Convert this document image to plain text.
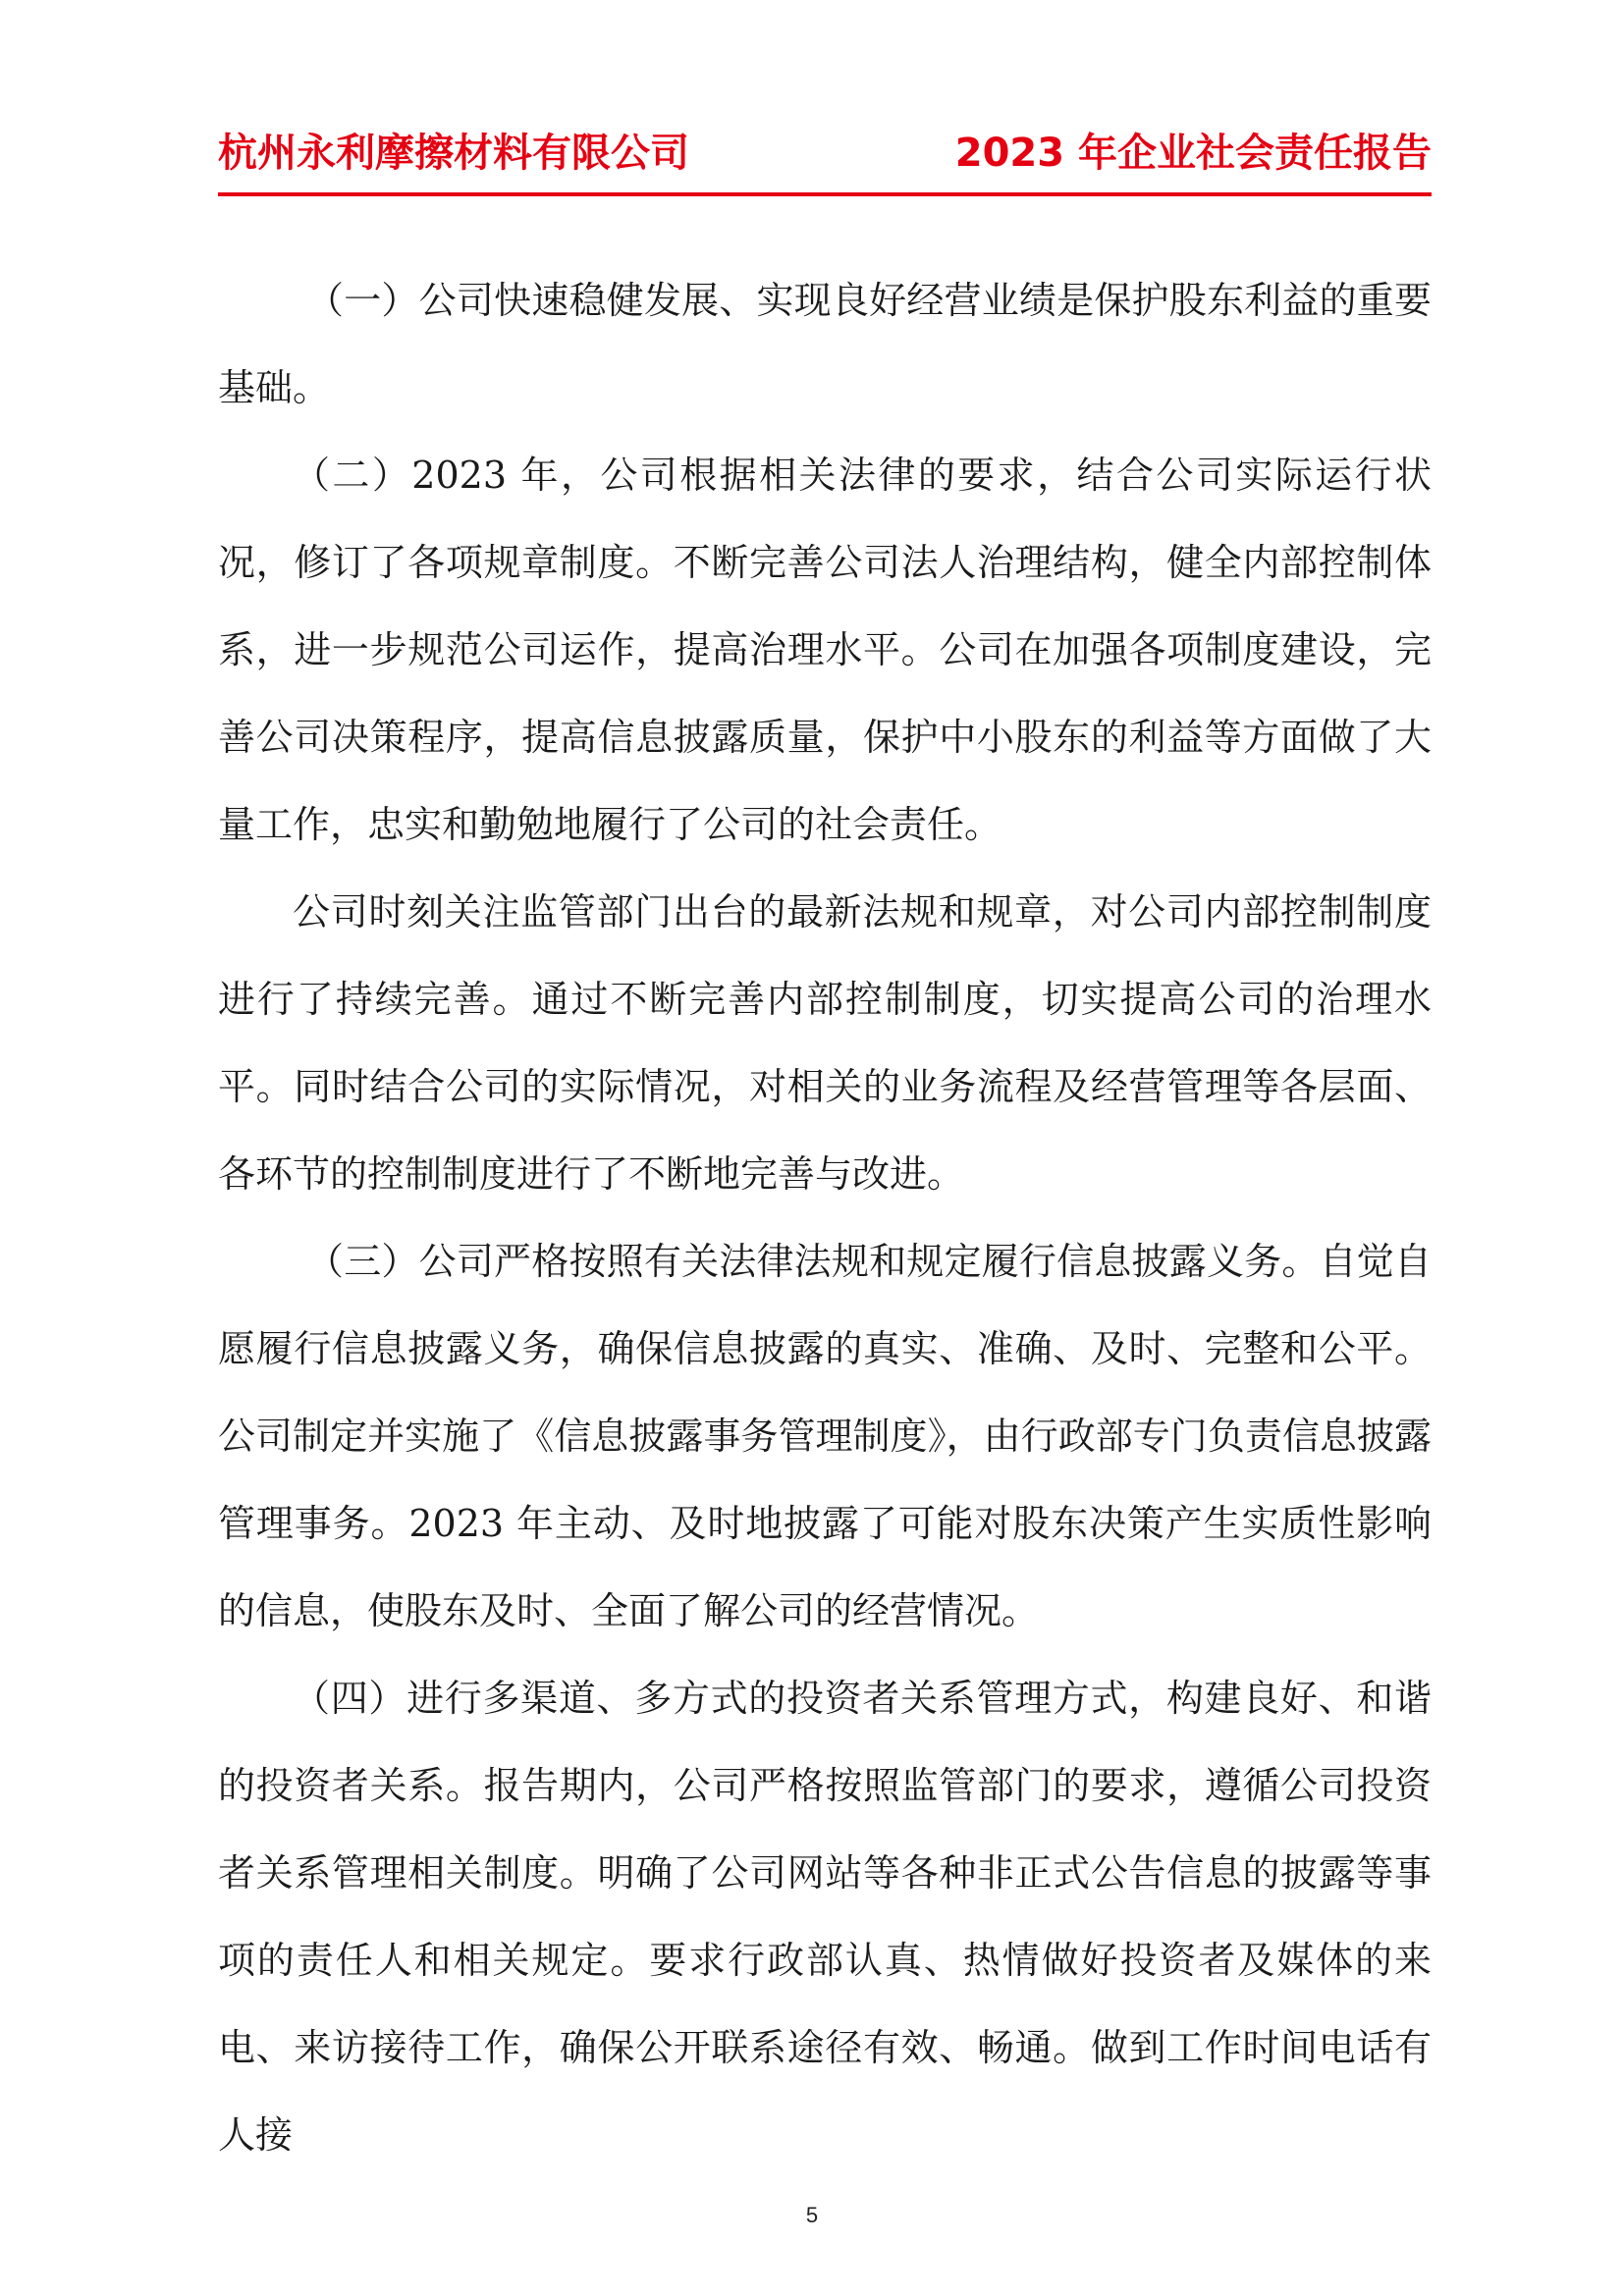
杭州永利摩擦材料有限公司	2023 年企业社会责任报告

（一）公司快速稳健发展、实现良好经营业绩是保护股东利益的重要基础。

（二）2023 年，公司根据相关法律的要求，结合公司实际运行状况，修订了各项规章制度。不断完善公司法人治理结构，健全内部控制体系，进一步规范公司运作，提高治理水平。公司在加强各项制度建设，完善公司决策程序，提高信息披露质量，保护中小股东的利益等方面做了大量工作，忠实和勤勉地履行了公司的社会责任。

公司时刻关注监管部门出台的最新法规和规章，对公司内部控制制度进行了持续完善。通过不断完善内部控制制度，切实提高公司的治理水平。同时结合公司的实际情况，对相关的业务流程及经营管理等各层面、各环节的控制制度进行了不断地完善与改进。

（三）公司严格按照有关法律法规和规定履行信息披露义务。自觉自愿履行信息披露义务，确保信息披露的真实、准确、及时、完整和公平。公司制定并实施了《信息披露事务管理制度》，由行政部专门负责信息披露管理事务。2023 年主动、及时地披露了可能对股东决策产生实质性影响的信息，使股东及时、全面了解公司的经营情况。

（四）进行多渠道、多方式的投资者关系管理方式，构建良好、和谐的投资者关系。报告期内，公司严格按照监管部门的要求，遵循公司投资者关系管理相关制度。明确了公司网站等各种非正式公告信息的披露等事项的责任人和相关规定。要求行政部认真、热情做好投资者及媒体的来电、来访接待工作，确保公开联系途径有效、畅通。做到工作时间电话有人接

5
